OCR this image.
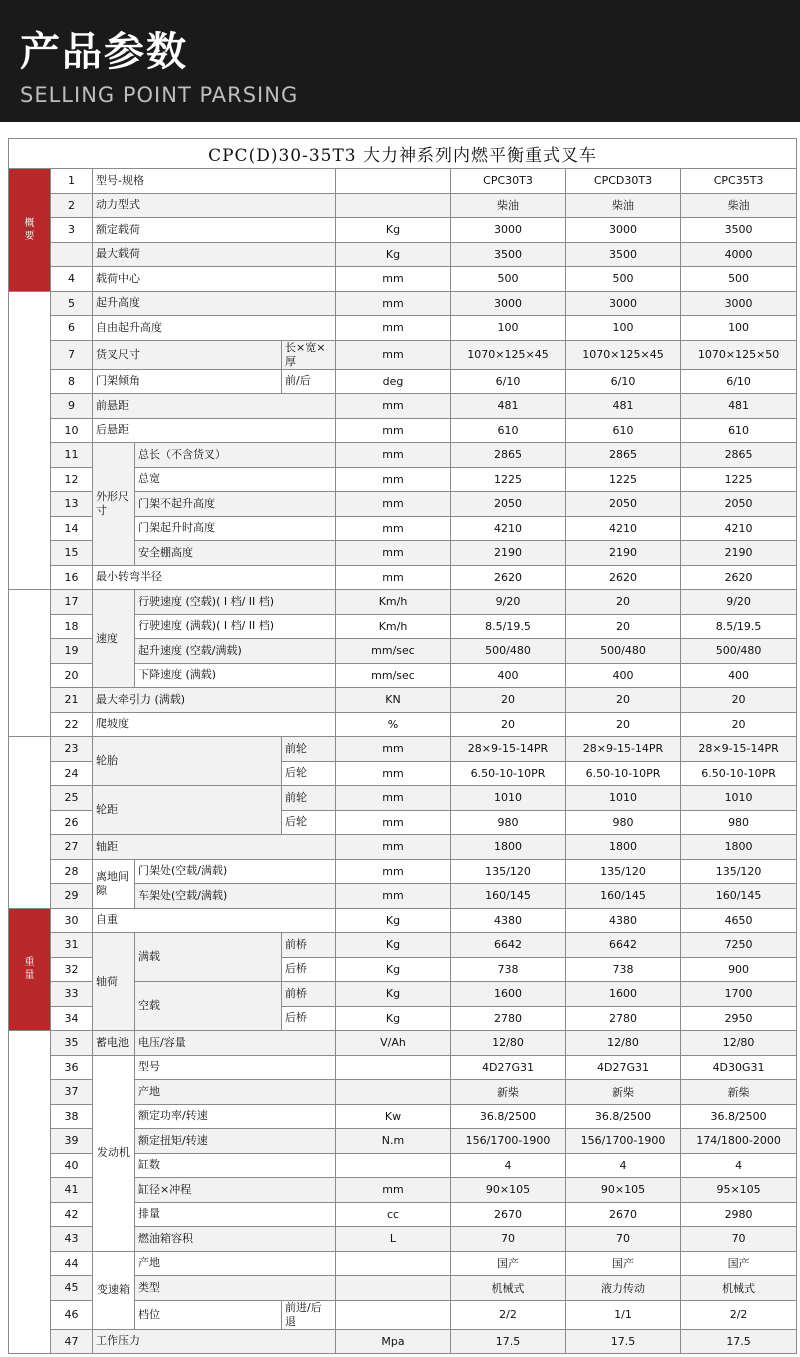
产品参数
SELLING POINT PARSING
CPC(D)30-35T3 大力神系列内燃平衡重式叉车									
概要	1	型号-规格				CPC30T3	CPCD30T3	CPC35T3	
	2	动力型式				柴油	柴油	柴油	
	3	额定载荷			Kg	3000	3000	3500	
		最大载荷			Kg	3500	3500	4000	
	4	载荷中心			mm	500	500	500	
尺寸	5	起升高度			mm	3000	3000	3000	
	6	自由起升高度			mm	100	100	100	
	7	货叉尺寸		长×宽×厚	mm	1070×125×45	1070×125×45	1070×125×50	
	8	门架倾角		前/后	deg	6/10	6/10	6/10	
	9	前悬距			mm	481	481	481	
	10	后悬距			mm	610	610	610	
	11	外形尺寸	总长（不含货叉）		mm	2865	2865	2865	
	12		总宽		mm	1225	1225	1225	
	13		门架不起升高度		mm	2050	2050	2050	
	14		门架起升时高度		mm	4210	4210	4210	
	15		安全棚高度		mm	2190	2190	2190	
	16	最小转弯半径			mm	2620	2620	2620	
性能	17	速度	行驶速度 (空载)( I 档/ II 档)		Km/h	9/20	20	9/20	
	18		行驶速度 (满载)( I 档/ II 档)		Km/h	8.5/19.5	20	8.5/19.5	
	19		起升速度 (空载/满载)		mm/sec	500/480	500/480	500/480	
	20		下降速度 (满载)		mm/sec	400	400	400	
	21	最大牵引力 (满载)			KN	20	20	20	
	22	爬坡度			%	20	20	20	
底盘	23	轮胎		前轮	mm	28×9-15-14PR	28×9-15-14PR	28×9-15-14PR	
	24			后轮	mm	6.50-10-10PR	6.50-10-10PR	6.50-10-10PR	
	25	轮距		前轮	mm	1010	1010	1010	
	26			后轮	mm	980	980	980	
	27	轴距			mm	1800	1800	1800	
	28	离地间隙	门架处(空载/满载)		mm	135/120	135/120	135/120	
	29		车架处(空载/满载)		mm	160/145	160/145	160/145	
重量	30	自重			Kg	4380	4380	4650	
	31	轴荷	满载	前桥	Kg	6642	6642	7250	
	32			后桥	Kg	738	738	900	
	33		空载	前桥	Kg	1600	1600	1700	
	34			后桥	Kg	2780	2780	2950	
动力与传动	35	蓄电池	电压/容量		V/Ah	12/80	12/80	12/80	
	36	发动机	型号			4D27G31	4D27G31	4D30G31	
	37		产地			新柴	新柴	新柴	
	38		额定功率/转速		Kw	36.8/2500	36.8/2500	36.8/2500	
	39		额定扭矩/转速		N.m	156/1700-1900	156/1700-1900	174/1800-2000	
	40		缸数			4	4	4	
	41		缸径×冲程		mm	90×105	90×105	95×105	
	42		排量		cc	2670	2670	2980	
	43		燃油箱容积		L	70	70	70	
	44	变速箱	产地			国产	国产	国产	
	45		类型			机械式	液力传动	机械式	
	46		档位	前进/后退		2/2	1/1	2/2	
	47	工作压力			Mpa	17.5	17.5	17.5	
